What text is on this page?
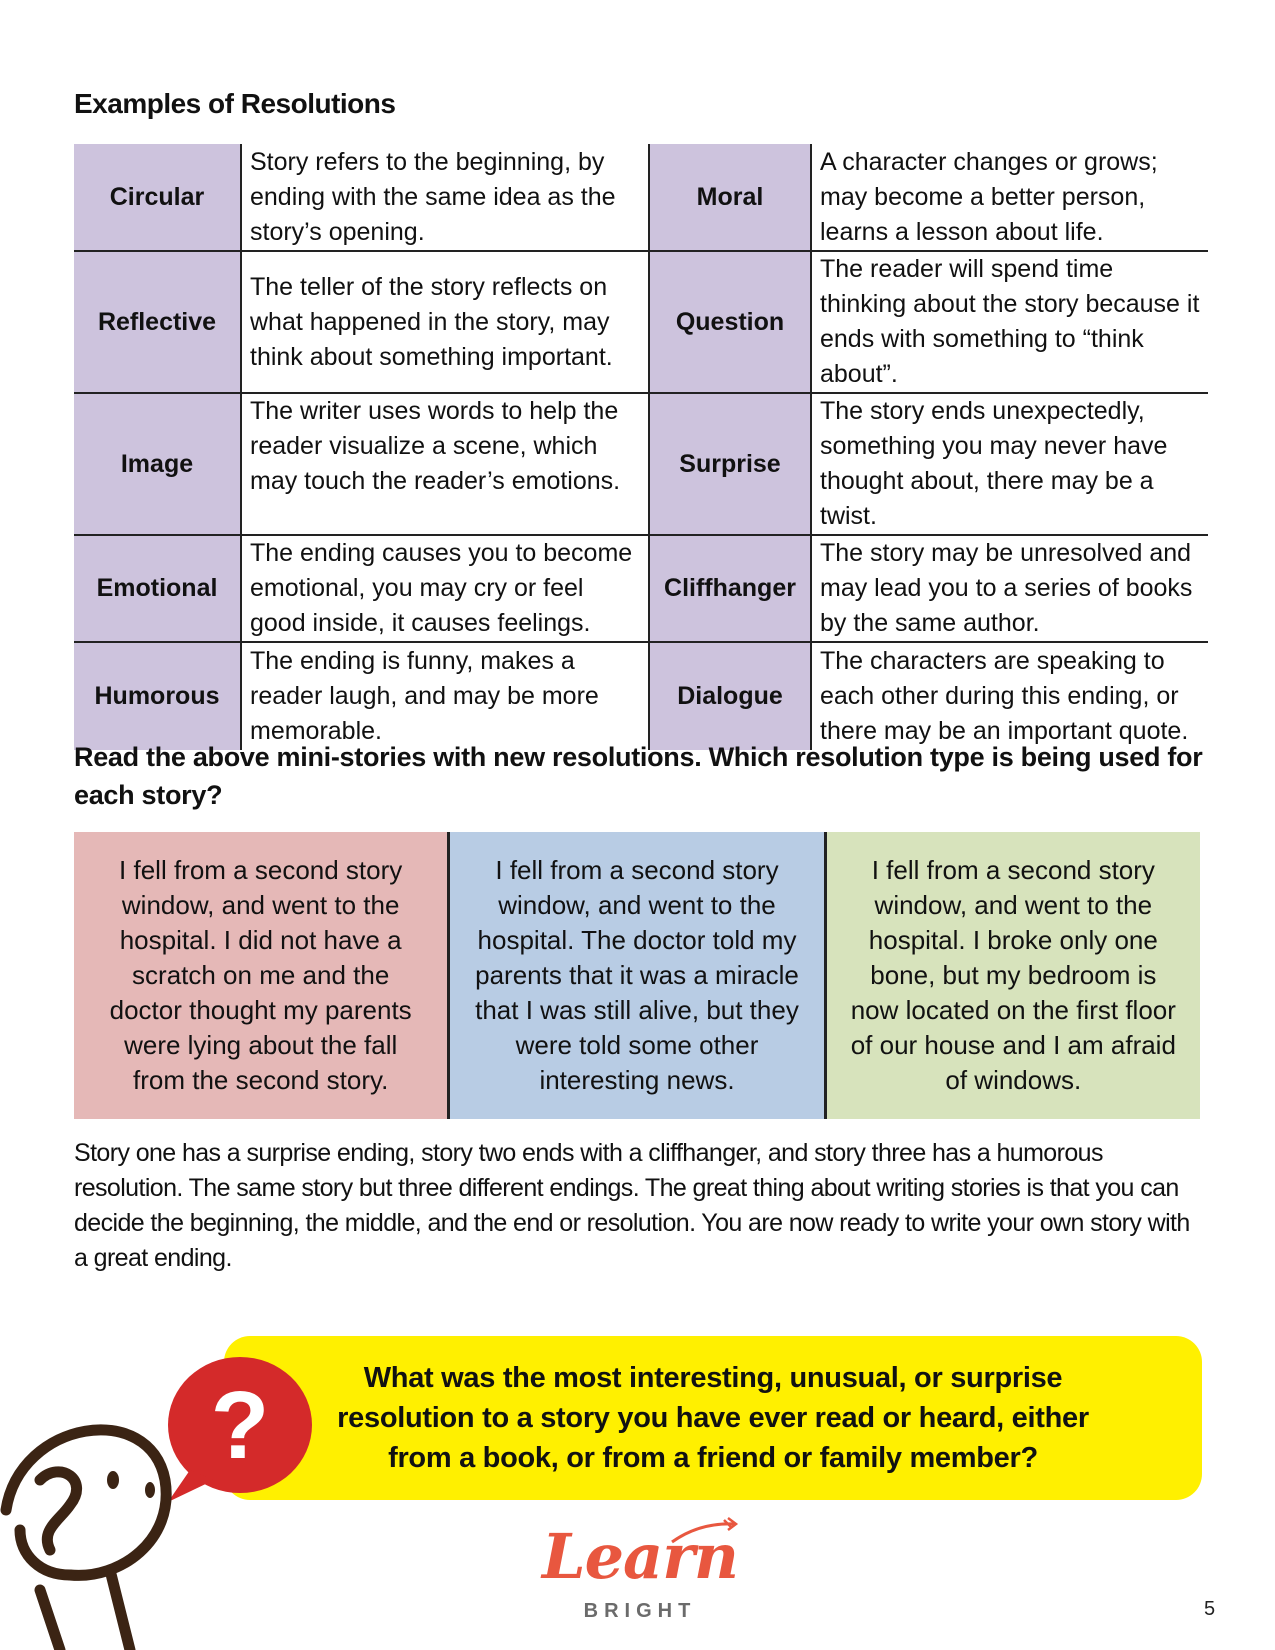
Examples of Resolutions
Circular	Story refers to the beginning, by ending with the same idea as the story’s opening.	Moral	A character changes or grows; may become a better person, learns a lesson about life.
Reflective	The teller of the story reflects on what happened in the story, may think about something important.	Question	The reader will spend time thinking about the story because it ends with something to “think about”.
Image	The writer uses words to help the reader visualize a scene, which may touch the reader’s emotions.	Surprise	The story ends unexpectedly, something you may never have thought about, there may be a twist.
Emotional	The ending causes you to become emotional, you may cry or feel good inside, it causes feelings.	Cliffhanger	The story may be unresolved and may lead you to a series of books by the same author.
Humorous	The ending is funny, makes a reader laugh, and may be more memorable.	Dialogue	The characters are speaking to each other during this ending, or there may be an important quote.

Read the above mini-stories with new resolutions. Which resolution type is being used for each story?

I fell from a second story window, and went to the hospital. I did not have a scratch on me and the doctor thought my parents were lying about the fall from the second story.
I fell from a second story window, and went to the hospital. The doctor told my parents that it was a miracle that I was still alive, but they were told some other interesting news.
I fell from a second story window, and went to the hospital. I broke only one bone, but my bedroom is now located on the first floor of our house and I am afraid of windows.

Story one has a surprise ending, story two ends with a cliffhanger, and story three has a humorous resolution. The same story but three different endings. The great thing about writing stories is that you can decide the beginning, the middle, and the end or resolution. You are now ready to write your own story with a great ending.

What was the most interesting, unusual, or surprise resolution to a story you have ever read or heard, either from a book, or from a friend or family member?

?
Learn
BRIGHT	5
